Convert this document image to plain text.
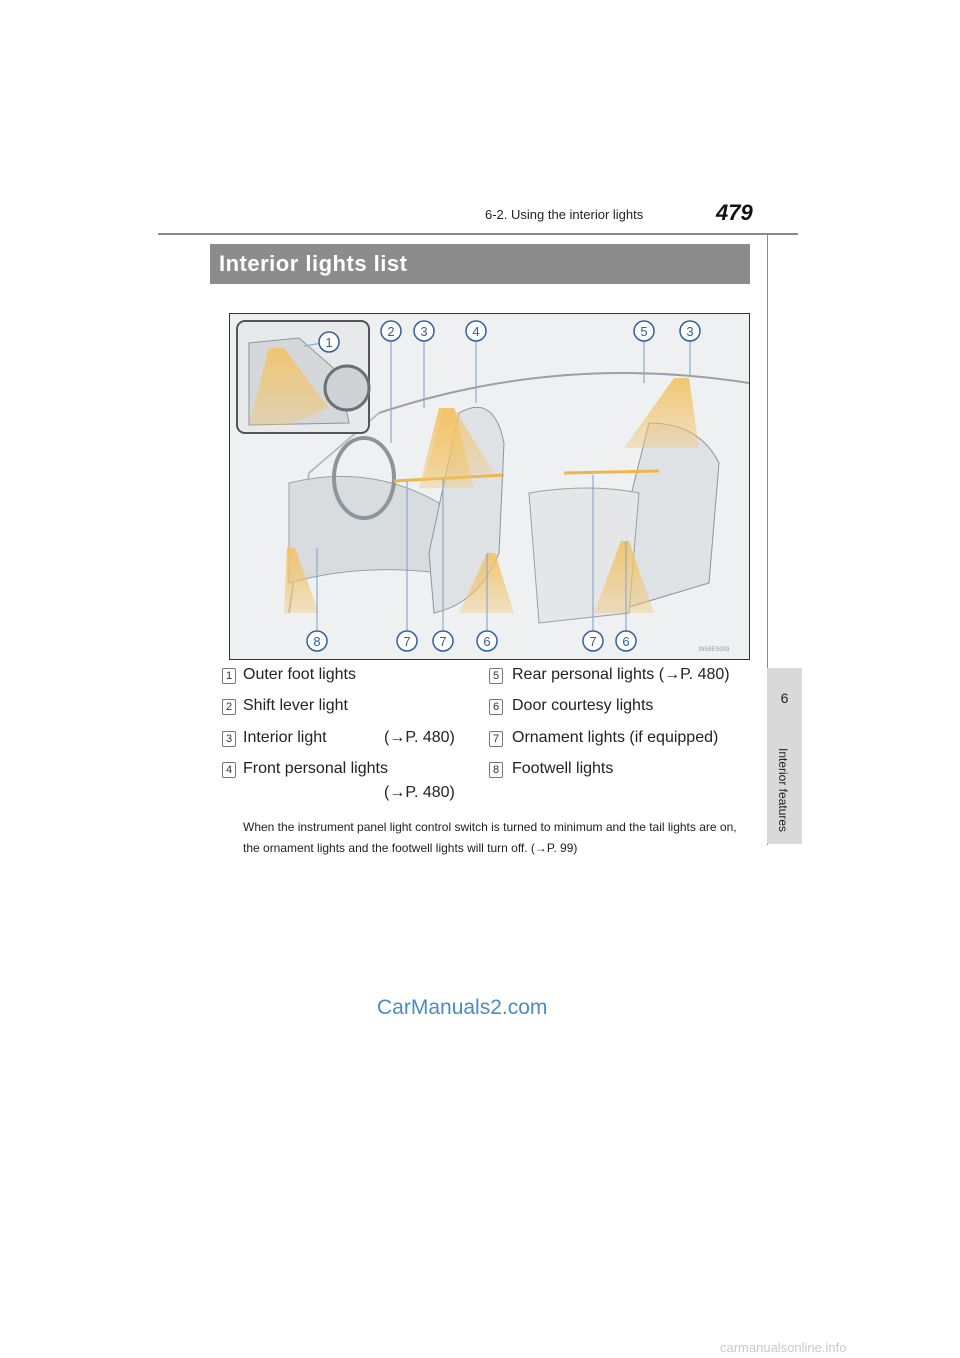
6-2. Using the interior lights	479
6
Interior features
Interior lights list
1
2 3	4	5	3
8	7 7	6	7 6
IN59ES009
1 Outer foot lights
2 Shift lever light
3 Interior light	(→P. 480)
4 Front personal lights
(→P. 480)
5 Rear personal lights (→P. 480)
6 Door courtesy lights
7 Ornament lights (if equipped)
8 Footwell lights
When the instrument panel light control switch is turned to minimum and the tail lights are on, the ornament lights and the footwell lights will turn off. (→P. 99)
CarManuals2.com
carmanualsonline.info
